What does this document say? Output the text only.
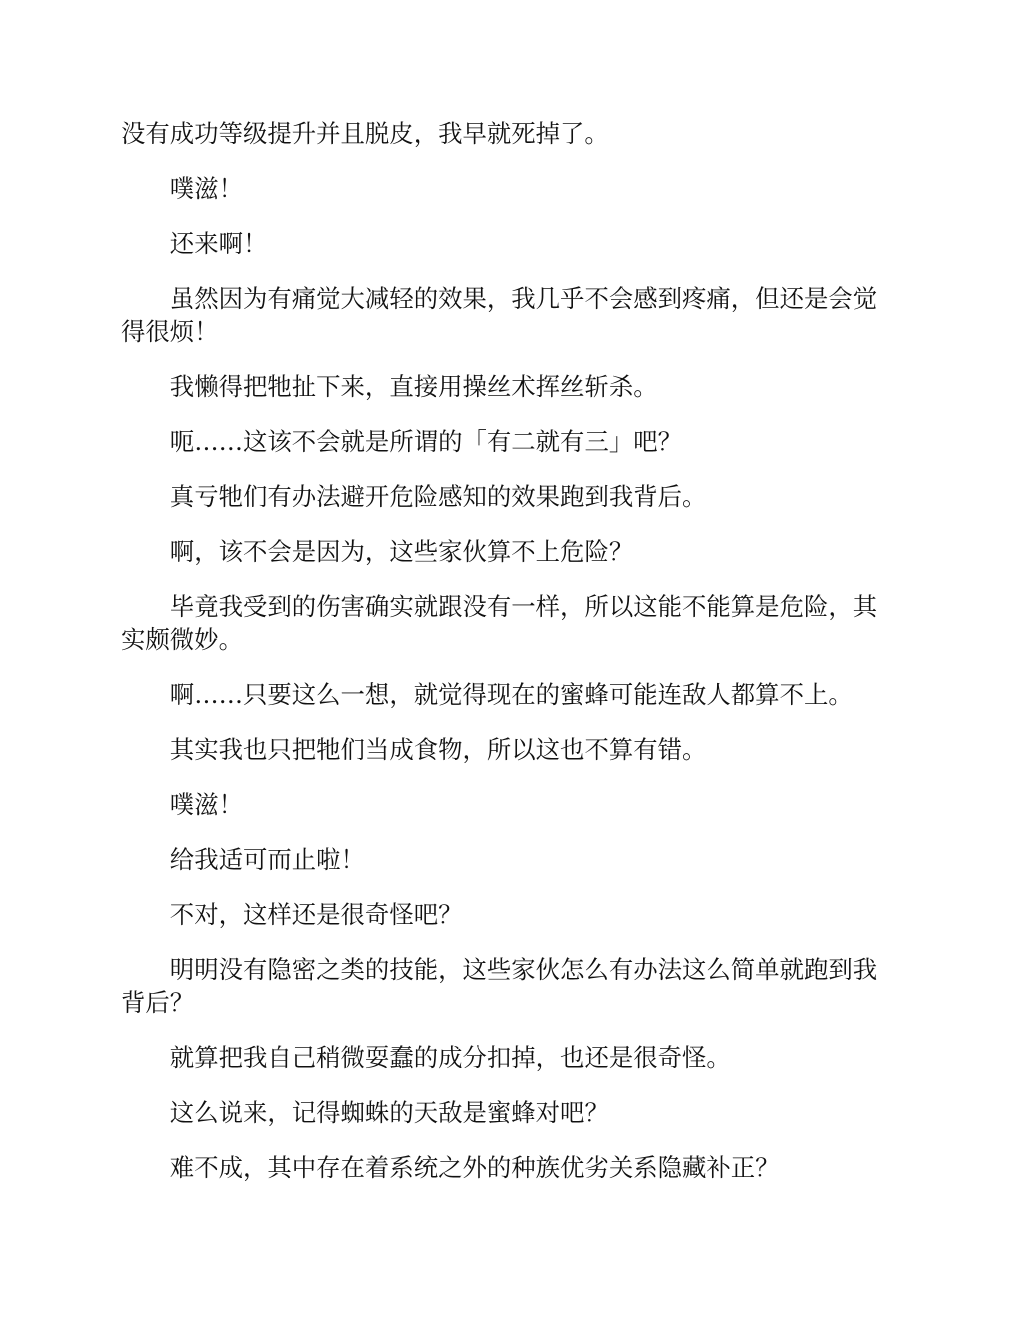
没有成功等级提升并且脱皮，我早就死掉了。

噗滋！

还来啊！

虽然因为有痛觉大减轻的效果，我几乎不会感到疼痛，但还是会觉得很烦！

我懒得把牠扯下来，直接用操丝术挥丝斩杀。

呃……这该不会就是所谓的「有二就有三」吧？

真亏牠们有办法避开危险感知的效果跑到我背后。

啊，该不会是因为，这些家伙算不上危险？

毕竟我受到的伤害确实就跟没有一样，所以这能不能算是危险，其实颇微妙。

啊……只要这么一想，就觉得现在的蜜蜂可能连敌人都算不上。

其实我也只把牠们当成食物，所以这也不算有错。

噗滋！

给我适可而止啦！

不对，这样还是很奇怪吧？

明明没有隐密之类的技能，这些家伙怎么有办法这么简单就跑到我背后？

就算把我自己稍微耍蠢的成分扣掉，也还是很奇怪。

这么说来，记得蜘蛛的天敌是蜜蜂对吧？

难不成，其中存在着系统之外的种族优劣关系隐藏补正？
